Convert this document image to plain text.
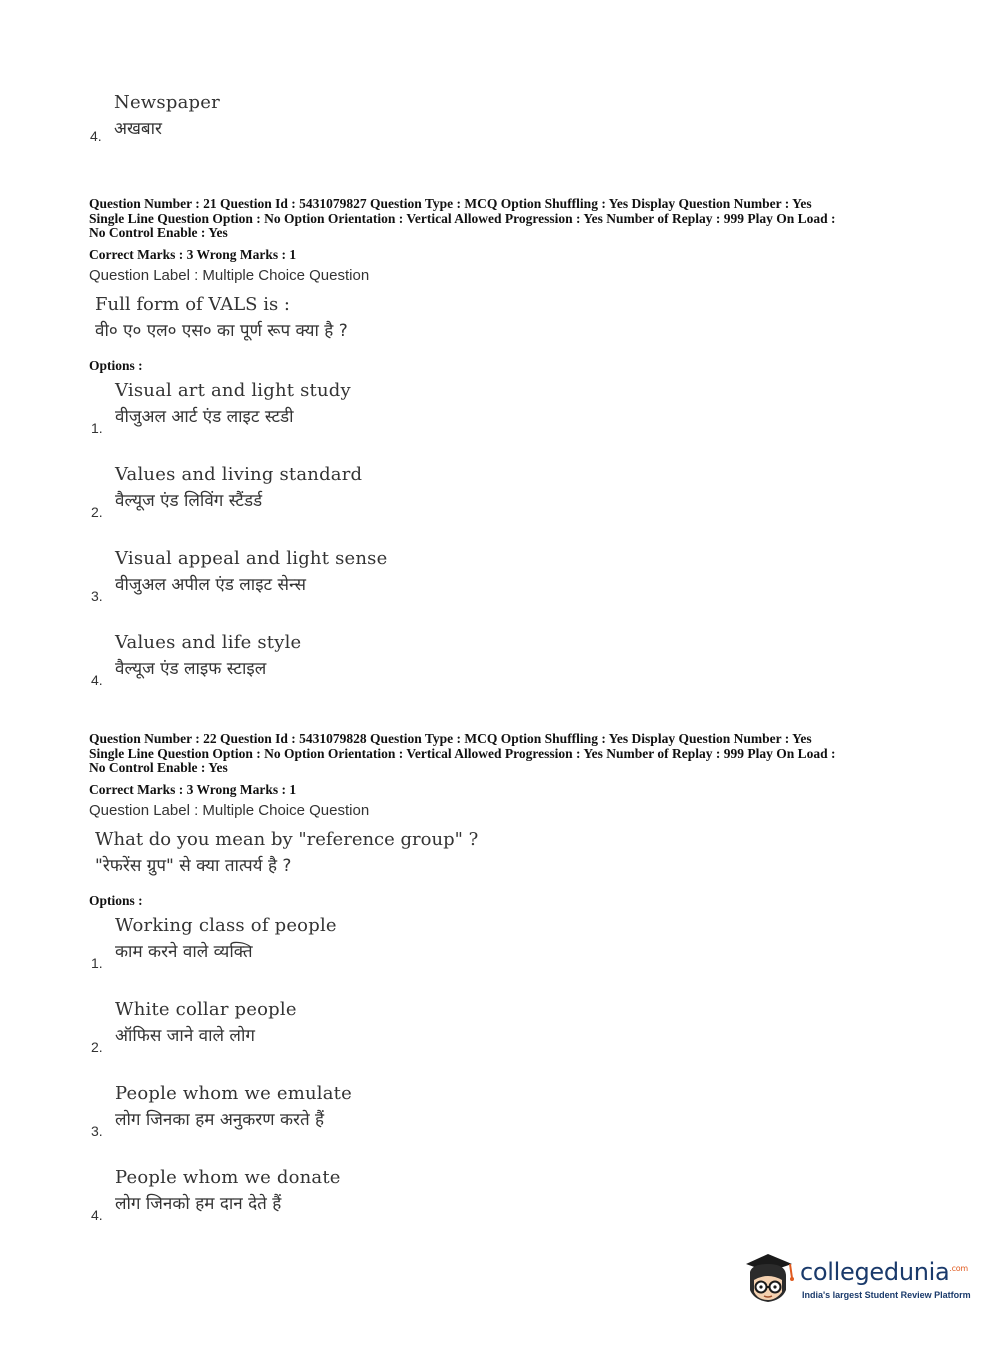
Newspaper
अखबार
4.
Question Number : 21 Question Id : 5431079827 Question Type : MCQ Option Shuffling : Yes Display Question Number : Yes
Single Line Question Option : No Option Orientation : Vertical Allowed Progression : Yes Number of Replay : 999 Play On Load :
No Control Enable : Yes
Correct Marks : 3 Wrong Marks : 1
Question Label : Multiple Choice Question
Full form of VALS is :
वी० ए० एल० एस० का पूर्ण रूप क्या है ?
Options :
Visual art and light study
वीजुअल आर्ट एंड लाइट स्टडी
1.
Values and living standard
वैल्यूज एंड लिविंग स्टैंडर्ड
2.
Visual appeal and light sense
वीजुअल अपील एंड लाइट सेन्स
3.
Values and life style
वैल्यूज एंड लाइफ स्टाइल
4.
Question Number : 22 Question Id : 5431079828 Question Type : MCQ Option Shuffling : Yes Display Question Number : Yes
Single Line Question Option : No Option Orientation : Vertical Allowed Progression : Yes Number of Replay : 999 Play On Load :
No Control Enable : Yes
Correct Marks : 3 Wrong Marks : 1
Question Label : Multiple Choice Question
What do you mean by "reference group" ?
"रेफरेंस ग्रुप" से क्या तात्पर्य है ?
Options :
Working class of people
काम करने वाले व्यक्ति
1.
White collar people
ऑफिस जाने वाले लोग
2.
People whom we emulate
लोग जिनका हम अनुकरण करते हैं
3.
People whom we donate
लोग जिनको हम दान देते हैं
4.
collegedunia$^{.com}$
India's largest Student Review Platform
